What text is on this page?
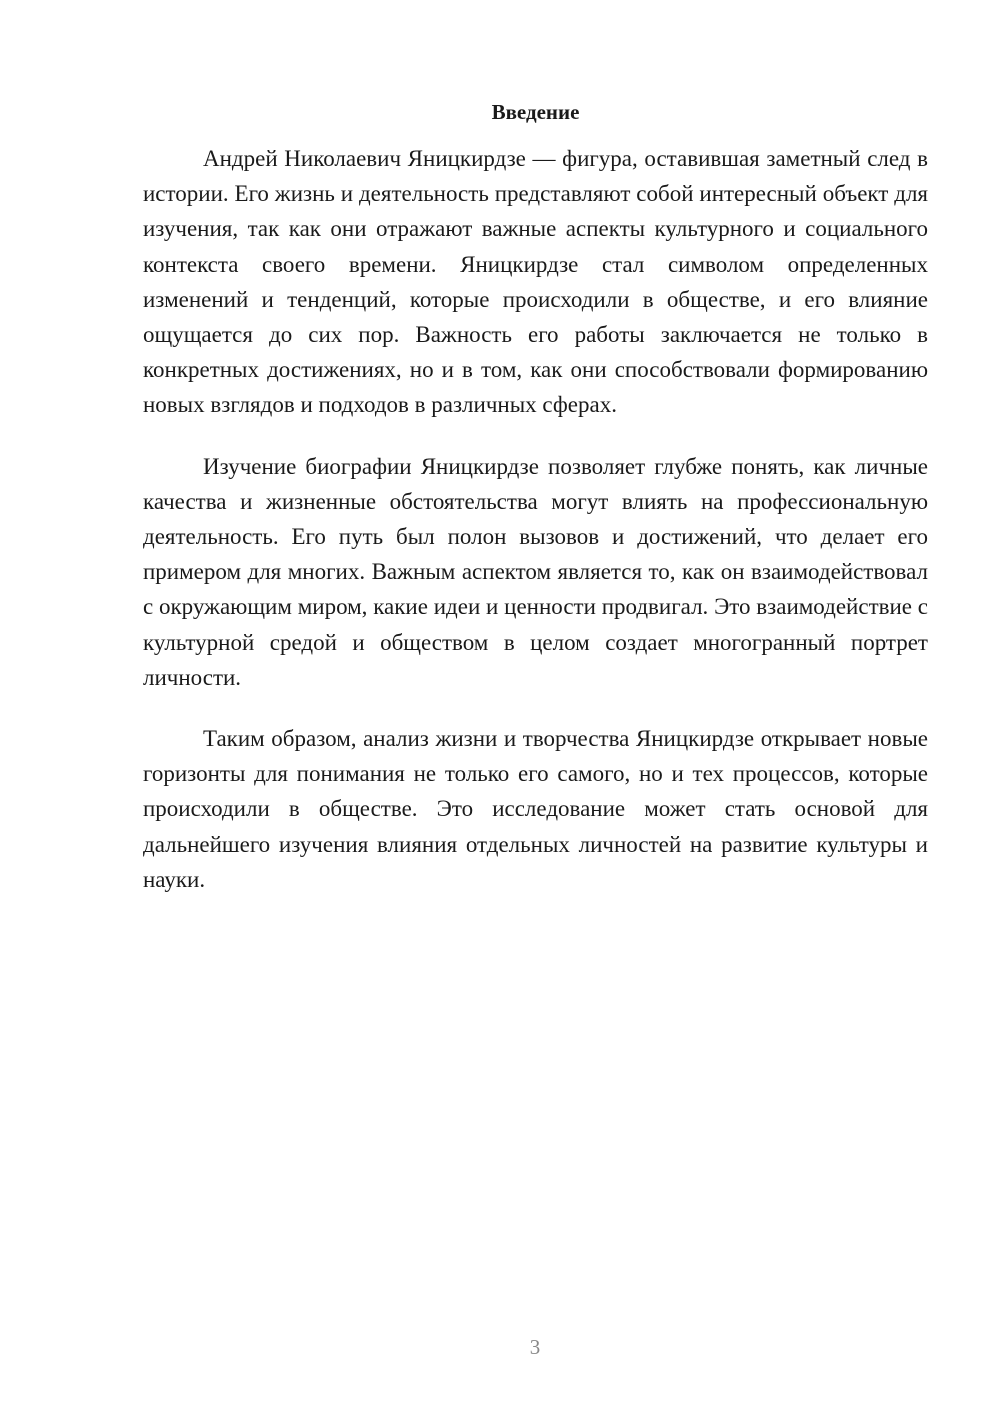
Введение

Андрей Николаевич Яницкирдзе — фигура, оставившая заметный след в истории. Его жизнь и деятельность представляют собой интересный объект для изучения, так как они отражают важные аспекты культурного и социального контекста своего времени. Яницкирдзе стал символом определенных изменений и тенденций, которые происходили в обществе, и его влияние ощущается до сих пор. Важность его работы заключается не только в конкретных достижениях, но и в том, как они способствовали формированию новых взглядов и подходов в различных сферах.

Изучение биографии Яницкирдзе позволяет глубже понять, как личные качества и жизненные обстоятельства могут влиять на профессиональную деятельность. Его путь был полон вызовов и достижений, что делает его примером для многих. Важным аспектом является то, как он взаимодействовал с окружающим миром, какие идеи и ценности продвигал. Это взаимодействие с культурной средой и обществом в целом создает многогранный портрет личности.

Таким образом, анализ жизни и творчества Яницкирдзе открывает новые горизонты для понимания не только его самого, но и тех процессов, которые происходили в обществе. Это исследование может стать основой для дальнейшего изучения влияния отдельных личностей на развитие культуры и науки.

3
